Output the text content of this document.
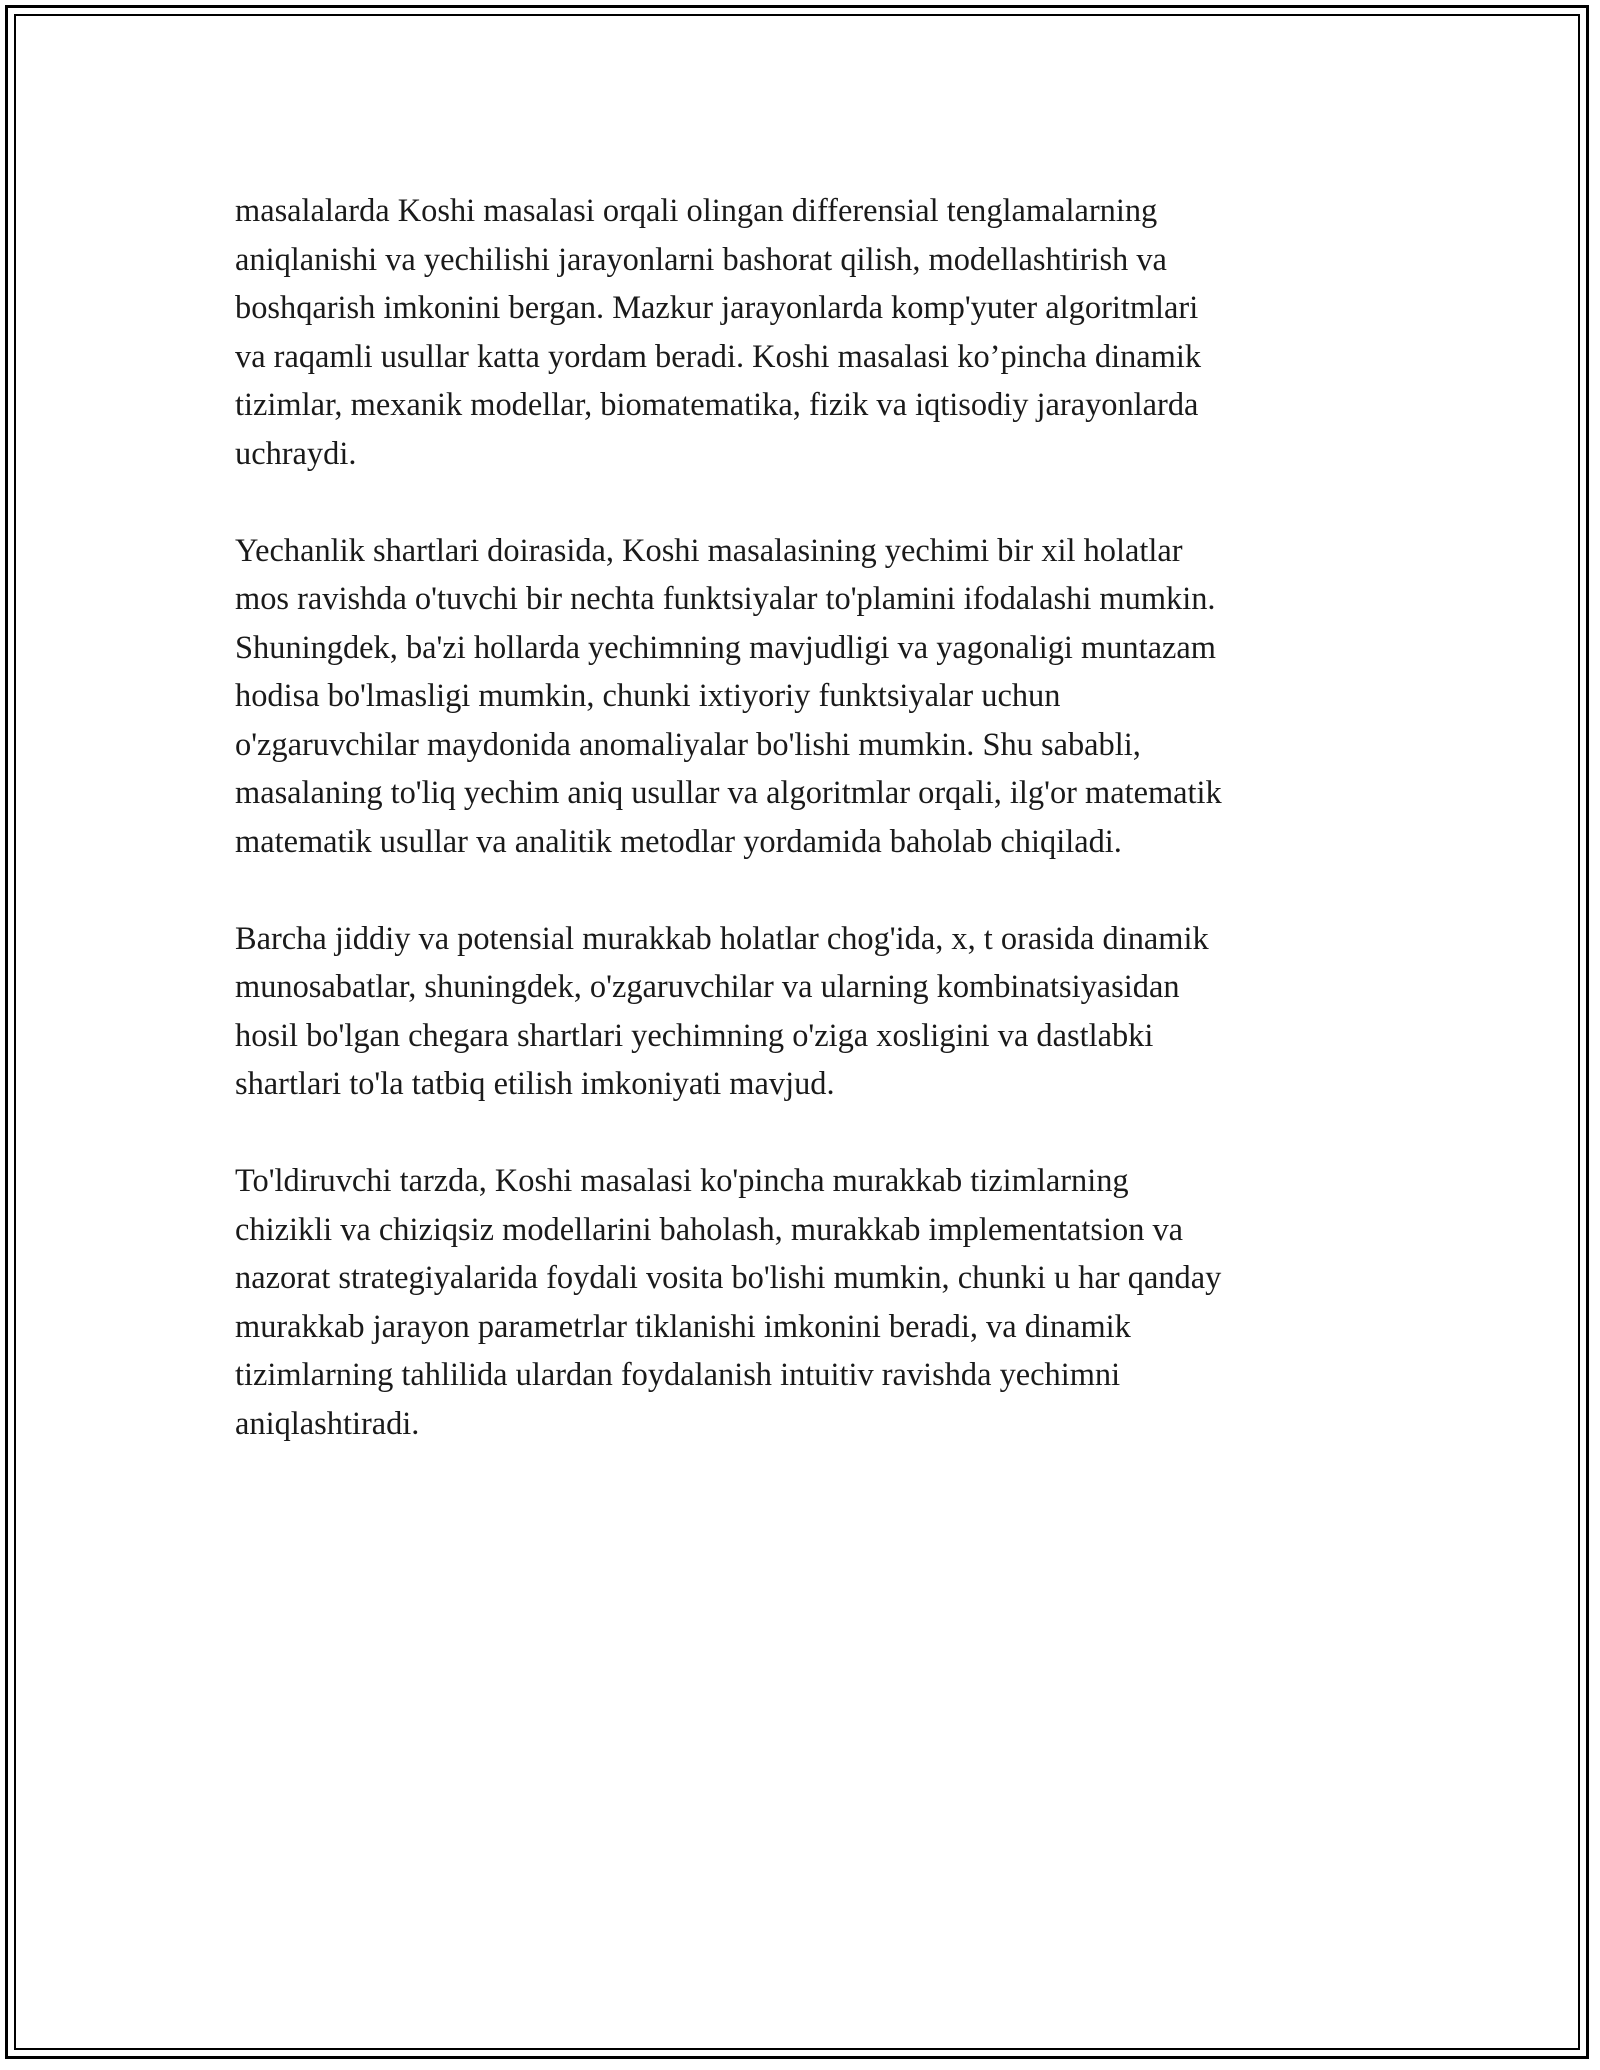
masalalarda Koshi masalasi orqali olingan differensial tenglamalarning
aniqlanishi va yechilishi jarayonlarni bashorat qilish, modellashtirish va
boshqarish imkonini bergan. Mazkur jarayonlarda komp'yuter algoritmlari
va raqamli usullar katta yordam beradi. Koshi masalasi ko’pincha dinamik
tizimlar, mexanik modellar, biomatematika, fizik va iqtisodiy jarayonlarda
uchraydi.

Yechanlik shartlari doirasida, Koshi masalasining yechimi bir xil holatlar
mos ravishda o'tuvchi bir nechta funktsiyalar to'plamini ifodalashi mumkin.
Shuningdek, ba'zi hollarda yechimning mavjudligi va yagonaligi muntazam
hodisa bo'lmasligi mumkin, chunki ixtiyoriy funktsiyalar uchun
o'zgaruvchilar maydonida anomaliyalar bo'lishi mumkin. Shu sababli,
masalaning to'liq yechim aniq usullar va algoritmlar orqali, ilg'or matematik
matematik usullar va analitik metodlar yordamida baholab chiqiladi.

Barcha jiddiy va potensial murakkab holatlar chog'ida, x, t orasida dinamik
munosabatlar, shuningdek, o'zgaruvchilar va ularning kombinatsiyasidan
hosil bo'lgan chegara shartlari yechimning o'ziga xosligini va dastlabki
shartlari to'la tatbiq etilish imkoniyati mavjud.

To'ldiruvchi tarzda, Koshi masalasi ko'pincha murakkab tizimlarning
chizikli va chiziqsiz modellarini baholash, murakkab implementatsion va
nazorat strategiyalarida foydali vosita bo'lishi mumkin, chunki u har qanday
murakkab jarayon parametrlar tiklanishi imkonini beradi, va dinamik
tizimlarning tahlilida ulardan foydalanish intuitiv ravishda yechimni
aniqlashtiradi.
